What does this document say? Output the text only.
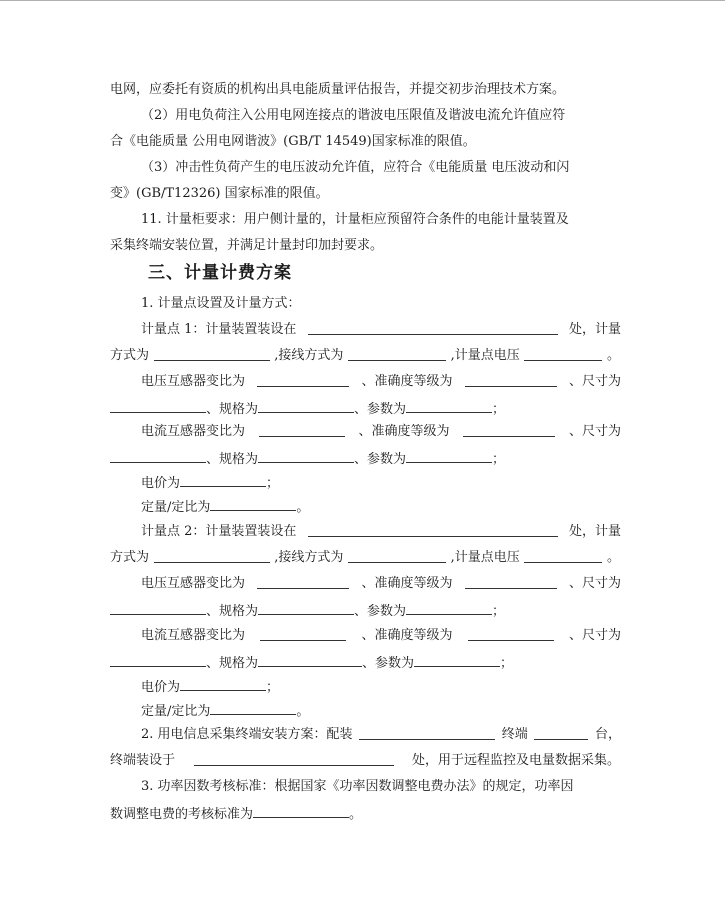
电网，应委托有资质的机构出具电能质量评估报告，并提交初步治理技术方案。
（2）用电负荷注入公用电网连接点的谐波电压限值及谐波电流允许值应符
合《电能质量 公用电网谐波》(GB/T 14549)国家标准的限值。
（3）冲击性负荷产生的电压波动允许值，应符合《电能质量 电压波动和闪
变》(GB/T12326) 国家标准的限值。
11. 计量柜要求：用户侧计量的，计量柜应预留符合条件的电能计量装置及
采集终端安装位置，并满足计量封印加封要求。
三、计量计费方案
1. 计量点设置及计量方式：
计量点 1：计量装置装设在	处，计量
方式为	,接线方式为	,计量点电压	。
电压互感器变比为	、准确度等级为	、尺寸为
、规格为	、参数为	；
电流互感器变比为	、准确度等级为	、尺寸为
、规格为	、参数为	；
电价为	；
定量/定比为	。
计量点 2：计量装置装设在	处，计量
方式为	,接线方式为	,计量点电压	。
电压互感器变比为	、准确度等级为	、尺寸为
、规格为	、参数为	；
电流互感器变比为	、准确度等级为	、尺寸为
、规格为	、参数为	；
电价为	；
定量/定比为	。
2. 用电信息采集终端安装方案：配装	终端	台，
终端装设于	处，用于远程监控及电量数据采集。
3. 功率因数考核标准：根据国家《功率因数调整电费办法》的规定，功率因
数调整电费的考核标准为	。
